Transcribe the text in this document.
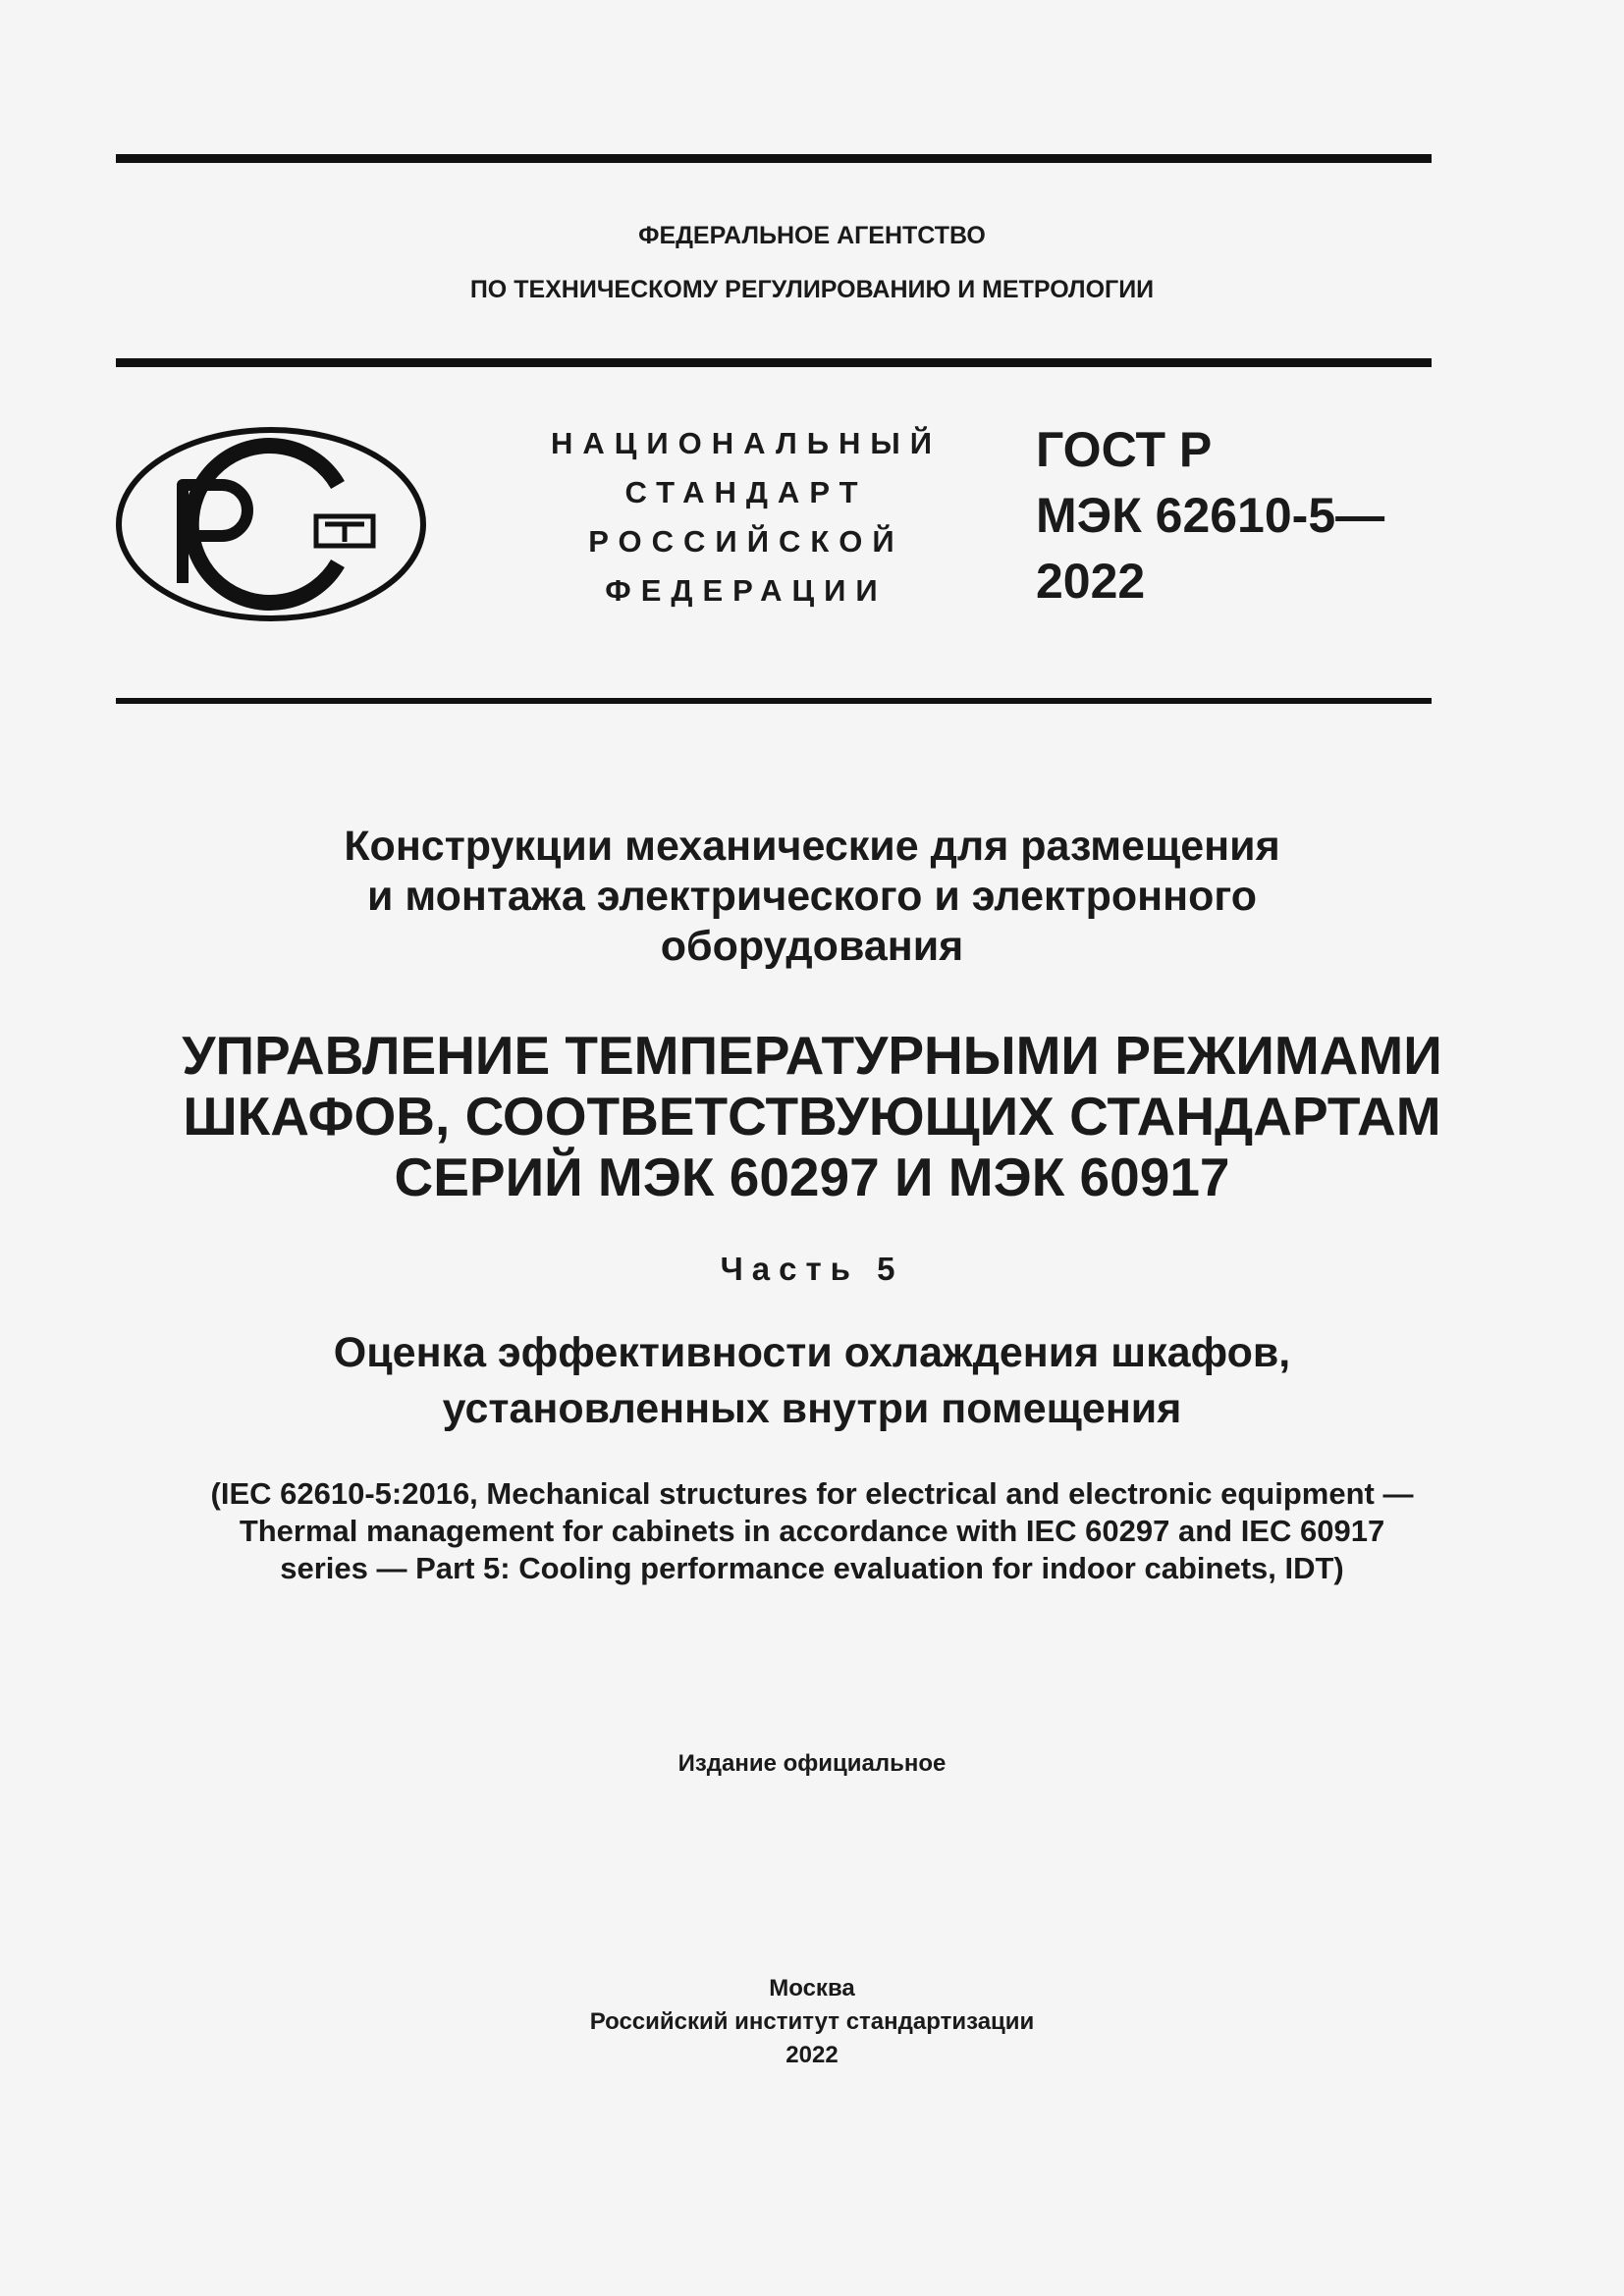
ФЕДЕРАЛЬНОЕ АГЕНТСТВО
ПО ТЕХНИЧЕСКОМУ РЕГУЛИРОВАНИЮ И МЕТРОЛОГИИ
НАЦИОНАЛЬНЫЙ
СТАНДАРТ
РОССИЙСКОЙ
ФЕДЕРАЦИИ
ГОСТ Р
МЭК 62610-5—
2022
Конструкции механические для размещения
и монтажа электрического и электронного
оборудования
УПРАВЛЕНИЕ ТЕМПЕРАТУРНЫМИ РЕЖИМАМИ
ШКАФОВ, СООТВЕТСТВУЮЩИХ СТАНДАРТАМ
СЕРИЙ МЭК 60297 И МЭК 60917
Часть 5
Оценка эффективности охлаждения шкафов,
установленных внутри помещения
(IEC 62610-5:2016, Mechanical structures for electrical and electronic equipment —
Thermal management for cabinets in accordance with IEC 60297 and IEC 60917
series — Part 5: Cooling performance evaluation for indoor cabinets, IDT)
Издание официальное
Москва
Российский институт стандартизации
2022
